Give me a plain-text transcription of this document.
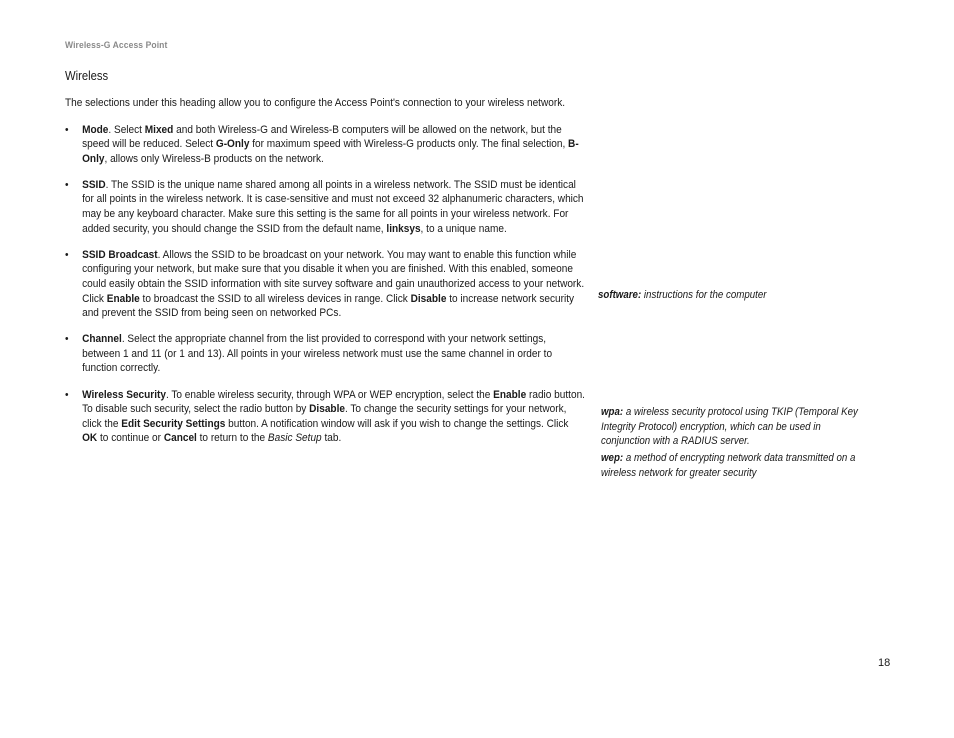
Wireless-G Access Point
Wireless

The selections under this heading allow you to configure the Access Point's connection to your wireless network.

• Mode. Select Mixed and both Wireless-G and Wireless-B computers will be allowed on the network, but the speed will be reduced. Select G-Only for maximum speed with Wireless-G products only. The final selection, B-Only, allows only Wireless-B products on the network.
• SSID. The SSID is the unique name shared among all points in a wireless network. The SSID must be identical for all points in the wireless network. It is case-sensitive and must not exceed 32 alphanumeric characters, which may be any keyboard character. Make sure this setting is the same for all points in your wireless network. For added security, you should change the SSID from the default name, linksys, to a unique name.
• SSID Broadcast. Allows the SSID to be broadcast on your network. You may want to enable this function while configuring your network, but make sure that you disable it when you are finished. With this enabled, someone could easily obtain the SSID information with site survey software and gain unauthorized access to your network. Click Enable to broadcast the SSID to all wireless devices in range. Click Disable to increase network security and prevent the SSID from being seen on networked PCs.
• Channel. Select the appropriate channel from the list provided to correspond with your network settings, between 1 and 11 (or 1 and 13). All points in your wireless network must use the same channel in order to function correctly.
• Wireless Security. To enable wireless security, through WPA or WEP encryption, select the Enable radio button. To disable such security, select the radio button by Disable. To change the security settings for your network, click the Edit Security Settings button. A notification window will ask if you wish to change the settings. Click OK to continue or Cancel to return to the Basic Setup tab.
software: instructions for the computer
wpa: a wireless security protocol using TKIP (Temporal Key Integrity Protocol) encryption, which can be used in conjunction with a RADIUS server.
wep: a method of encrypting network data transmitted on a wireless network for greater security
18
